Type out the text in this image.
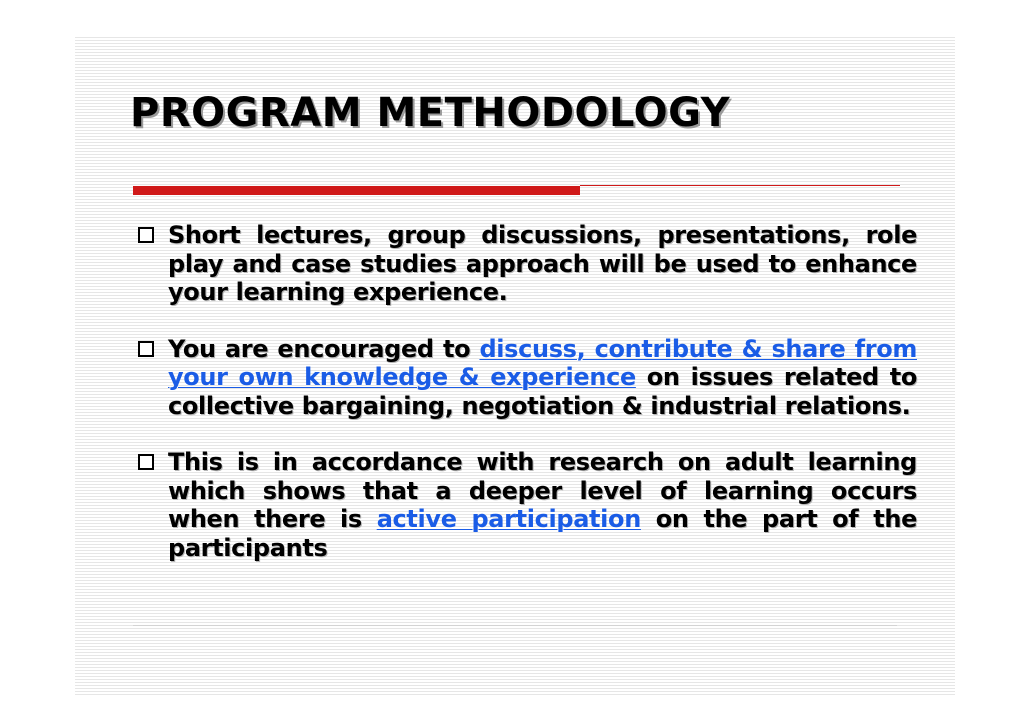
PROGRAM METHODOLOGY
Short lectures, group discussions, presentations, role play and case studies approach will be used to enhance your learning experience.
You are encouraged to discuss, contribute & share from your own knowledge & experience on issues related to collective bargaining, negotiation & industrial relations.
This is in accordance with research on adult learning which shows that a deeper level of learning occurs when there is active participation on the part of the participants
